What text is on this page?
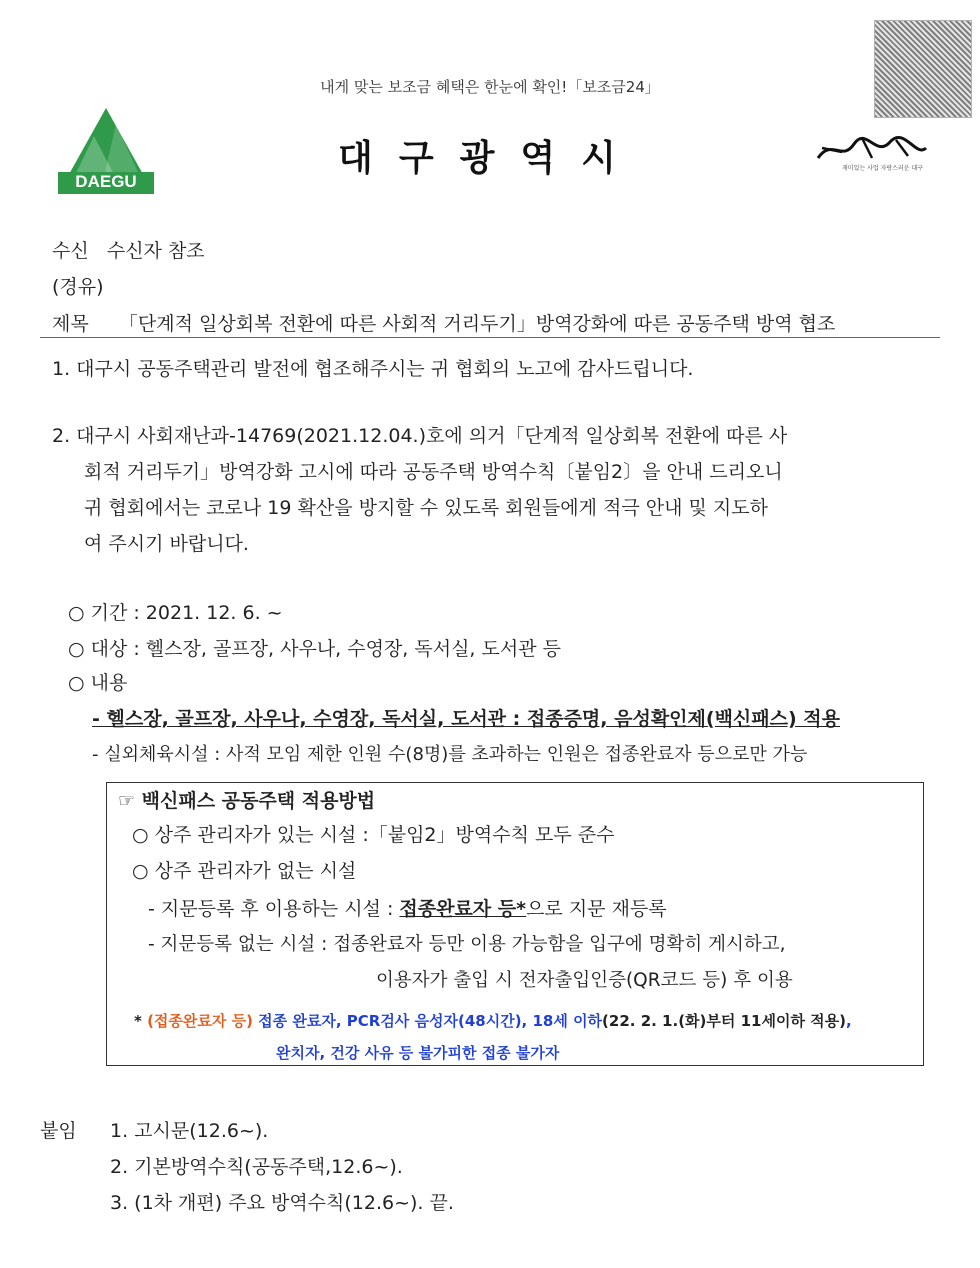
내게 맞는 보조금 혜택은 한눈에 확인!「보조금24」
DAEGU
대구광역시	재미있는 사업 자랑스러운 대구
수신 수신자 참조
(경유)
제목 「단계적 일상회복 전환에 따른 사회적 거리두기」방역강화에 따른 공동주택 방역 협조
1. 대구시 공동주택관리 발전에 협조해주시는 귀 협회의 노고에 감사드립니다.
2. 대구시 사회재난과-14769(2021.12.04.)호에 의거「단계적 일상회복 전환에 따른 사
회적 거리두기」방역강화 고시에 따라 공동주택 방역수칙〔붙임2〕을 안내 드리오니
귀 협회에서는 코로나 19 확산을 방지할 수 있도록 회원들에게 적극 안내 및 지도하
여 주시기 바랍니다.
○ 기간 : 2021. 12. 6. ~
○ 대상 : 헬스장, 골프장, 사우나, 수영장, 독서실, 도서관 등
○ 내용
- 헬스장, 골프장, 사우나, 수영장, 독서실, 도서관 : 접종증명, 음성확인제(백신패스) 적용
- 실외체육시설 : 사적 모임 제한 인원 수(8명)를 초과하는 인원은 접종완료자 등으로만 가능
☞ 백신패스 공동주택 적용방법
○ 상주 관리자가 있는 시설 :「붙임2」방역수칙 모두 준수
○ 상주 관리자가 없는 시설
- 지문등록 후 이용하는 시설 : 접종완료자 등*으로 지문 재등록
- 지문등록 없는 시설 : 접종완료자 등만 이용 가능함을 입구에 명확히 게시하고,
이용자가 출입 시 전자출입인증(QR코드 등) 후 이용
* (접종완료자 등) 접종 완료자, PCR검사 음성자(48시간), 18세 이하(22. 2. 1.(화)부터 11세이하 적용),
완치자, 건강 사유 등 불가피한 접종 불가자
붙임 1. 고시문(12.6~).
2. 기본방역수칙(공동주택,12.6~).
3. (1차 개편) 주요 방역수칙(12.6~). 끝.
